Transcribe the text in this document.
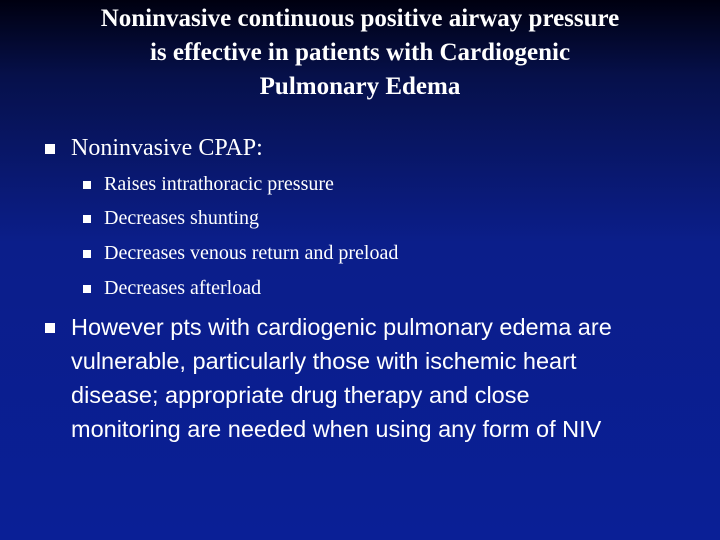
Noninvasive continuous positive airway pressure
is effective in patients with Cardiogenic
Pulmonary Edema
Noninvasive CPAP:
Raises intrathoracic pressure
Decreases shunting
Decreases venous return and preload
Decreases afterload
However pts with cardiogenic pulmonary edema are
vulnerable, particularly those with ischemic heart
disease; appropriate drug therapy and close
monitoring are needed when using any form of NIV
